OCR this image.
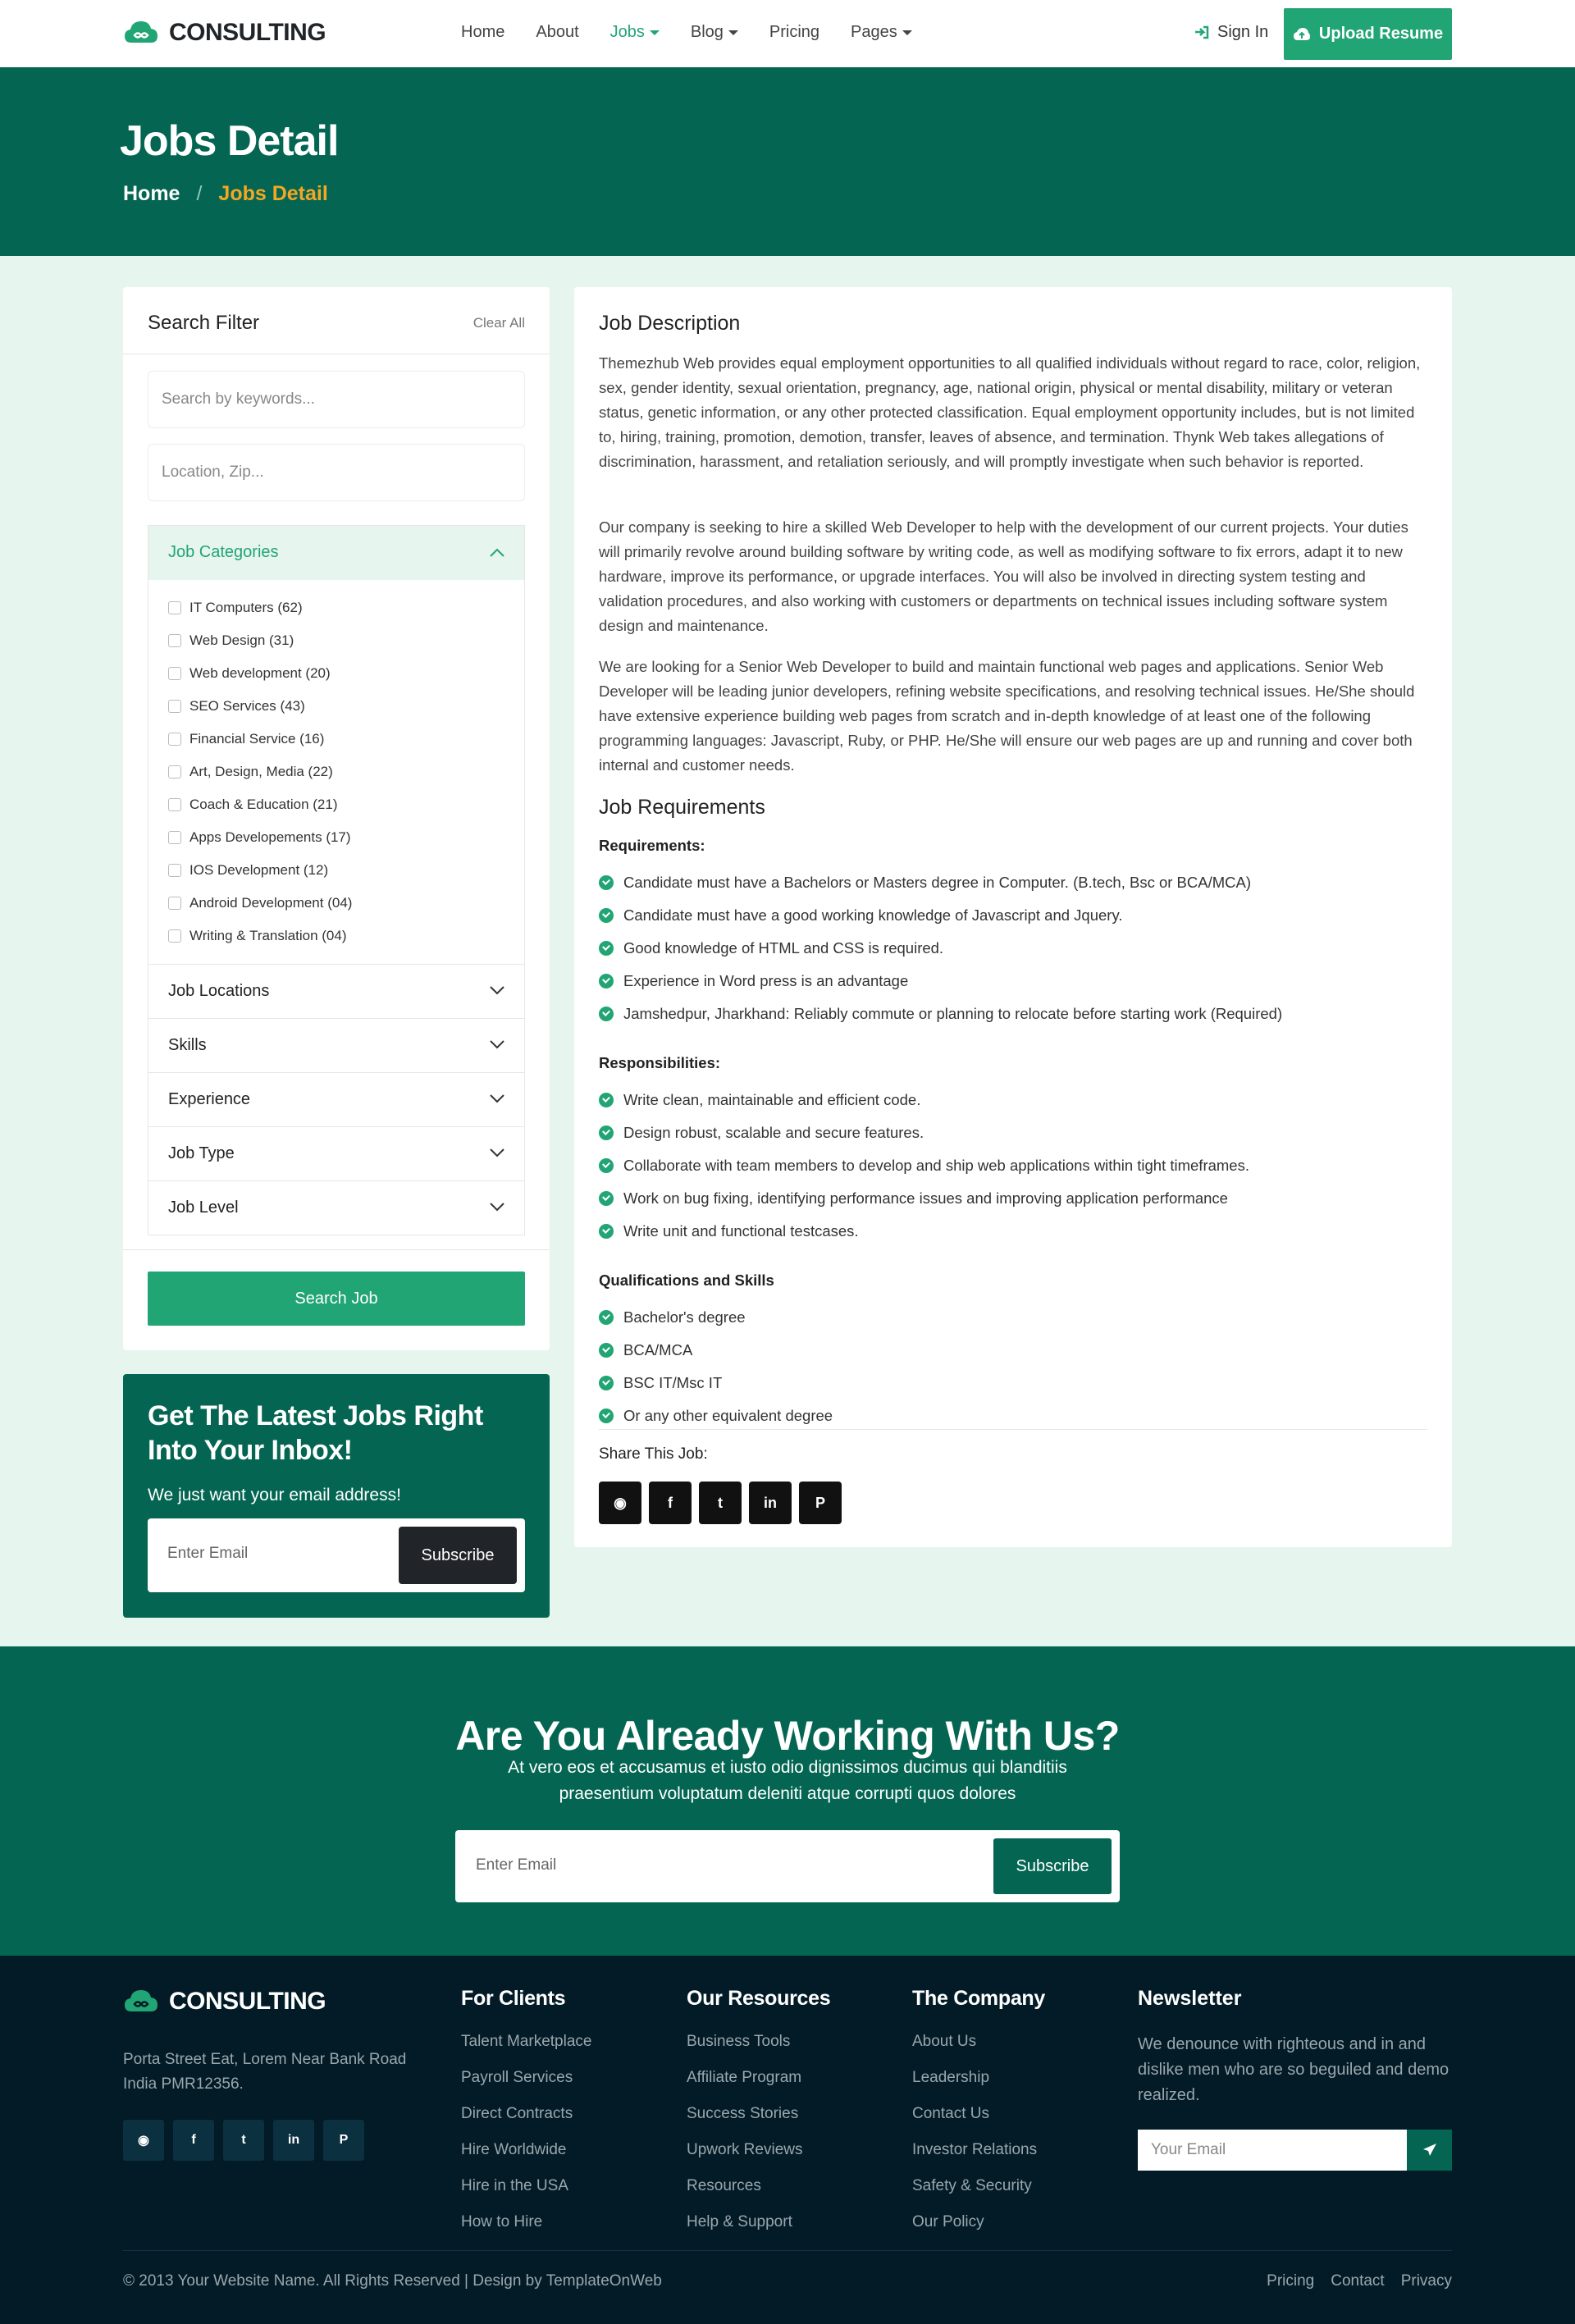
CONSULTING	Home About Jobs	Blog	Pricing Pages	Sign In	Upload Resume
Jobs Detail
Home / Jobs Detail
Search Filter	Clear All
Search by keywords...
Location, Zip...
Job Categories
IT Computers (62)
Web Design (31)
Web development (20)
SEO Services (43)
Financial Service (16)
Art, Design, Media (22)
Coach & Education (21)
Apps Developements (17)
IOS Development (12)
Android Development (04)
Writing & Translation (04)
Job Locations
Skills
Experience
Job Type
Job Level
Search Job
Get The Latest Jobs Right Into Your Inbox!

We just want your email address!

Enter Email	Subscribe
Job Description
Themezhub Web provides equal employment opportunities to all qualified individuals without regard to race, color, religion, sex, gender identity, sexual orientation, pregnancy, age, national origin, physical or mental disability, military or veteran status, genetic information, or any other protected classification. Equal employment opportunity includes, but is not limited to, hiring, training, promotion, demotion, transfer, leaves of absence, and termination. Thynk Web takes allegations of discrimination, harassment, and retaliation seriously, and will promptly investigate when such behavior is reported.
Our company is seeking to hire a skilled Web Developer to help with the development of our current projects. Your duties will primarily revolve around building software by writing code, as well as modifying software to fix errors, adapt it to new hardware, improve its performance, or upgrade interfaces. You will also be involved in directing system testing and validation procedures, and also working with customers or departments on technical issues including software system design and maintenance.
We are looking for a Senior Web Developer to build and maintain functional web pages and applications. Senior Web Developer will be leading junior developers, refining website specifications, and resolving technical issues. He/She should have extensive experience building web pages from scratch and in-depth knowledge of at least one of the following programming languages: Javascript, Ruby, or PHP. He/She will ensure our web pages are up and running and cover both internal and customer needs.
Job Requirements
Requirements:
Responsibilities:
Qualifications and Skills
Share This Job:
Candidate must have a Bachelors or Masters degree in Computer. (B.tech, Bsc or BCA/MCA)
Candidate must have a good working knowledge of Javascript and Jquery.
Good knowledge of HTML and CSS is required.
Experience in Word press is an advantage
Jamshedpur, Jharkhand: Reliably commute or planning to relocate before starting work (Required)
Write clean, maintainable and efficient code.
Design robust, scalable and secure features.
Collaborate with team members to develop and ship web applications within tight timeframes.
Work on bug fixing, identifying performance issues and improving application performance
Write unit and functional testcases.
Bachelor's degree
BCA/MCA
BSC IT/Msc IT
Or any other equivalent degree
◉	f	t	in	P
Are You Already Working With Us?

At vero eos et accusamus et iusto odio dignissimos ducimus qui blanditiis praesentium voluptatum deleniti atque corrupti quos dolores

Enter Email	Subscribe
CONSULTING
Porta Street Eat, Lorem Near Bank Road India PMR12356.
For Clients
Talent Marketplace
Payroll Services
Direct Contracts
Hire Worldwide
Hire in the USA
How to Hire
Our Resources
Business Tools
Affiliate Program
Success Stories
Upwork Reviews
Resources
Help & Support
The Company
About Us
Leadership
Contact Us
Investor Relations
Safety & Security
Our Policy
Newsletter

We denounce with righteous and in and dislike men who are so beguiled and demo realized.

Your Email
© 2013 Your Website Name. All Rights Reserved | Design by TemplateOnWeb	Pricing Contact Privacy
◉	f	t	in	P
